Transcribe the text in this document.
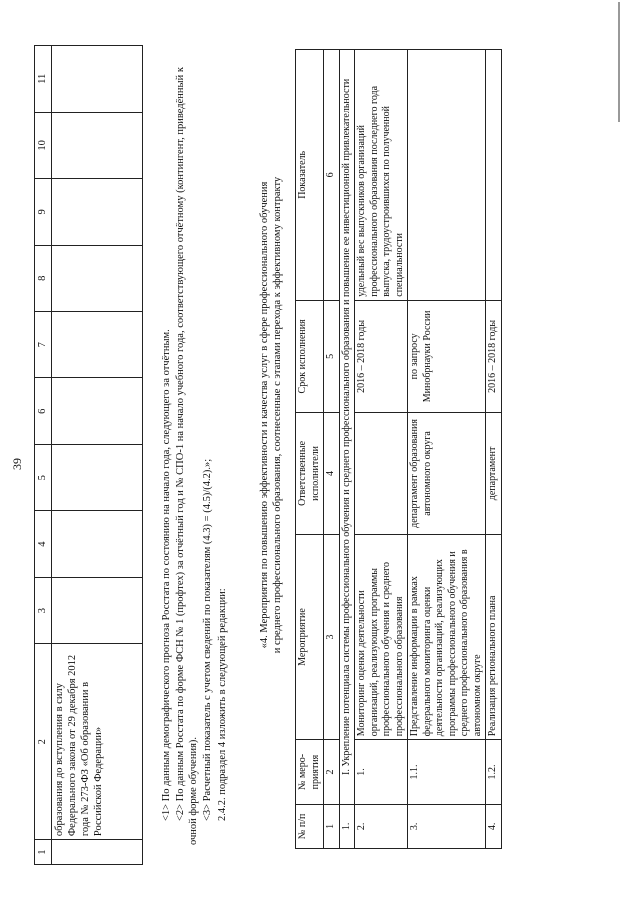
39
1	2	3	4	5	6	7	8	9	10	11
	образования до вступления в силу Федерального закона от 29 декабря 2012 года № 273-ФЗ «Об образовании в Российской Федерации»										<1> По данным демографического прогноза Росстата по состоянию на начало года, следующего за отчётным. <2> По данным Росстата по форме ФСН № 1 (профтех) за отчётный год и № СПО-1 на начало учебного года, соответствующего отчётному (контингент, приведённый к очной форме обучения). <3> Расчетный показатель с учетом сведений по показателям (4.3) = (4.5)/(4.2).»; 2.4.2. подраздел 4 изложить в следующей редакции:

«4. Мероприятия по повышению эффективности и качества услуг в сфере профессионального обучения и среднего профессионального образования, соотнесенные с этапами перехода к эффективному контракту
№ п/п	№ меро-приятия	Мероприятие	Ответственные исполнители	Срок исполнения	Показатель
1	2	3	4	5	6
1.	I. Укрепление потенциала системы профессионального обучения и среднего профессионального образования и повышение ее инвестиционной привлекательности				
2.	1.	Мониторинг оценки деятельности организаций, реализующих программы профессионального обучения и среднего профессионального образования		2016 – 2018 годы	удельный вес выпускников организаций профессионального образования последнего года выпуска, трудоустроившихся по полученной специальности
3.	1.1.	Представление информации в рамках федерального мониторинга оценки деятельности организаций, реализующих программы профессионального обучения и среднего профессионального образования в автономном округе	департамент образования автономного округа	по запросу Минобрнауки России	
4.	1.2.	Реализация регионального плана	департамент	2016 – 2018 годы	
